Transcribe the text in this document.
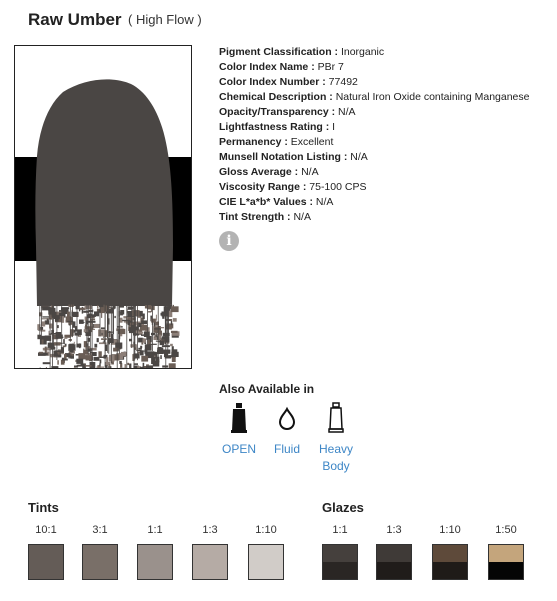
Raw Umber ( High Flow )
Pigment Classification : Inorganic
Color Index Name : PBr 7
Color Index Number : 77492
Chemical Description : Natural Iron Oxide containing Manganese
Opacity/Transparency : N/A
Lightfastness Rating : I
Permanency : Excellent
Munsell Notation Listing : N/A
Gloss Average : N/A
Viscosity Range : 75-100 CPS
CIE L*a*b* Values : N/A
Tint Strength : N/A
i
Also Available in
OPEN	Fluid	Heavy Body
Tints	Glazes
10:1	3:1	1:1	1:3	1:10	1:1	1:3	1:10	1:50
